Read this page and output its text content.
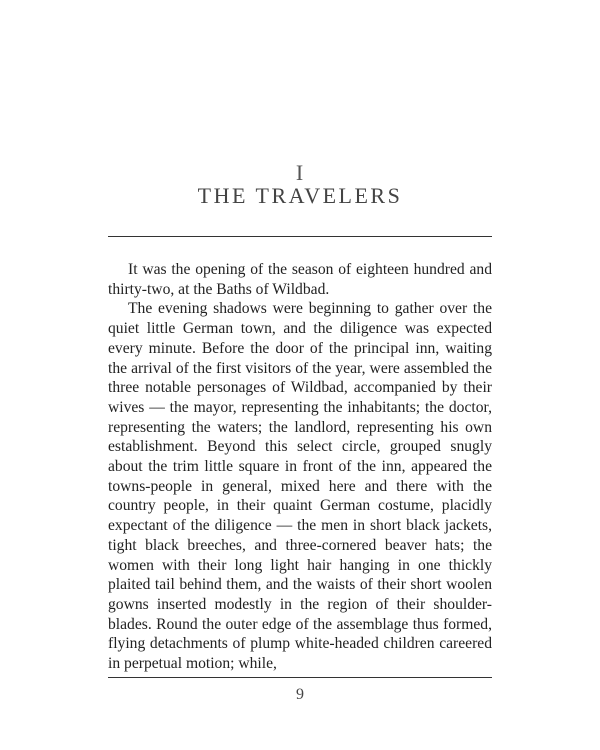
I
THE TRAVELERS

It was the opening of the season of eighteen hundred and thirty-two, at the Baths of Wildbad.

The evening shadows were beginning to gather over the quiet little German town, and the diligence was expected every minute. Before the door of the principal inn, waiting the arrival of the first visitors of the year, were assembled the three notable personages of Wildbad, accompanied by their wives — the mayor, representing the inhabitants; the doctor, representing the waters; the landlord, representing his own establishment. Beyond this select circle, grouped snugly about the trim little square in front of the inn, appeared the towns-people in general, mixed here and there with the country people, in their quaint German costume, placidly expectant of the diligence — the men in short black jackets, tight black breeches, and three-cornered beaver hats; the women with their long light hair hanging in one thickly plaited tail behind them, and the waists of their short woolen gowns inserted modestly in the region of their shoulder-blades. Round the outer edge of the assemblage thus formed, flying detachments of plump white-headed children careered in perpetual motion; while,

9
